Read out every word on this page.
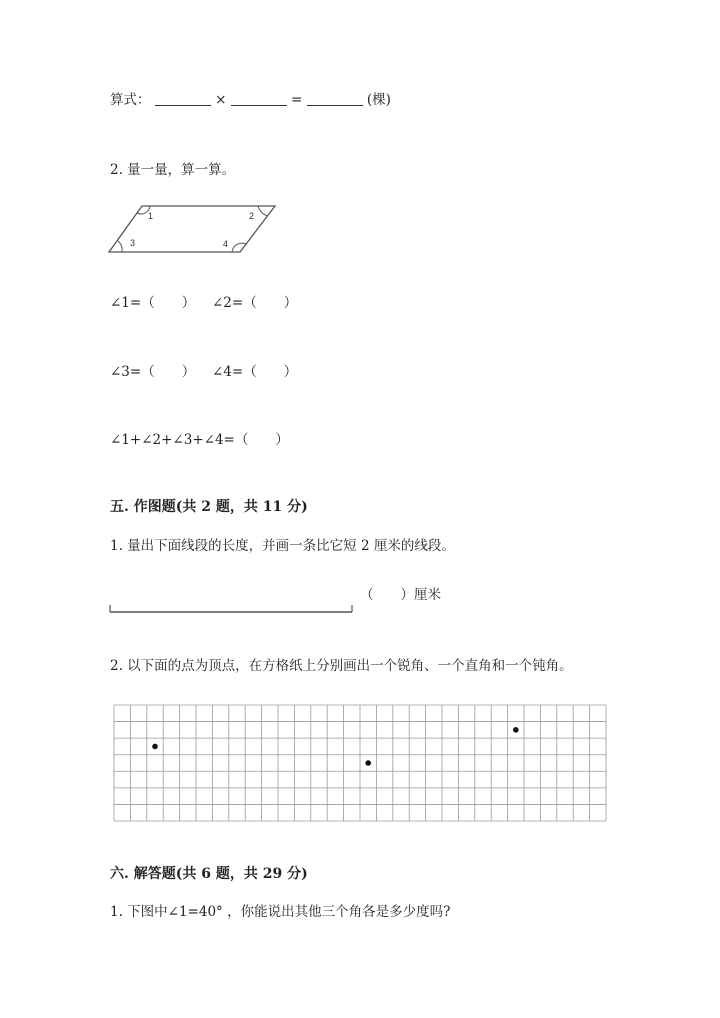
算式：	×	=	(棵)
2. 量一量，算一算。
1	2
3	4
∠1=（　　） ∠2=（　　）
∠3=（　　） ∠4=（　　）
∠1+∠2+∠3+∠4=（　　）
五. 作图题(共 2 题，共 11 分)
1. 量出下面线段的长度，并画一条比它短 2 厘米的线段。
（　　）厘米
2. 以下面的点为顶点，在方格纸上分别画出一个锐角、一个直角和一个钝角。
六. 解答题(共 6 题，共 29 分)
1. 下图中∠1=40° ，你能说出其他三个角各是多少度吗?
